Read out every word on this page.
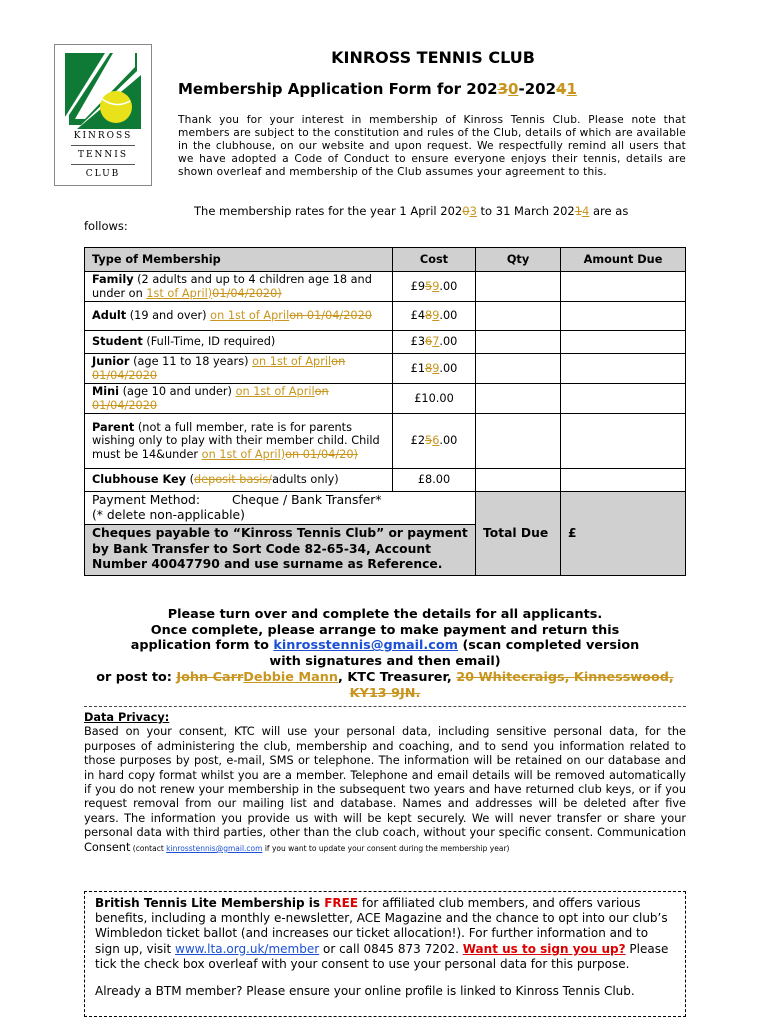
KINROSS
TENNIS
CLUB
KINROSS TENNIS CLUB
Membership Application Form for 20230-20241
Thank you for your interest in membership of Kinross Tennis Club. Please note that members are subject to the constitution and rules of the Club, details of which are available in the clubhouse, on our website and upon request. We respectfully remind all users that we have adopted a Code of Conduct to ensure everyone enjoys their tennis, details are shown overleaf and membership of the Club assumes your agreement to this.
The membership rates for the year 1 April 20203 to 31 March 20214 are as
follows:
Type of Membership	Cost	Qty	Amount Due
Family (2 adults and up to 4 children age 18 and under on 1st of April)01/04/2020)	£959.00		
Adult (19 and over) on 1st of Aprilon 01/04/2020	£489.00		
Student (Full-Time, ID required)	£367.00		
Junior (age 11 to 18 years) on 1st of Aprilon 01/04/2020	£189.00		
Mini (age 10 and under) on 1st of Aprilon 01/04/2020	£10.00		
Parent (not a full member, rate is for parents wishing only to play with their member child. Child must be 14&under on 1st of April)on 01/04/20)	£256.00		
Clubhouse Key (deposit basis/adults only)	£8.00		

Payment Method: Cheque / Bank Transfer*
(* delete non-applicable)
Cheques payable to “Kinross Tennis Club” or payment by Bank Transfer to Sort Code 82-65-34, Account Number 40047790 and use surname as Reference.		Total Due	£
Please turn over and complete the details for all applicants.
Once complete, please arrange to make payment and return this
application form to kinrosstennis@gmail.com (scan completed version
with signatures and then email)
or post to: John CarrDebbie Mann, KTC Treasurer, 20 Whitecraigs, Kinnesswood, KY13 9JN.
Data Privacy:
Based on your consent, KTC will use your personal data, including sensitive personal data, for the purposes of administering the club, membership and coaching, and to send you information related to those purposes by post, e-mail, SMS or telephone. The information will be retained on our database and in hard copy format whilst you are a member. Telephone and email details will be removed automatically if you do not renew your membership in the subsequent two years and have returned club keys, or if you request removal from our mailing list and database. Names and addresses will be deleted after five years. The information you provide us with will be kept securely. We will never transfer or share your personal data with third parties, other than the club coach, without your specific consent. Communication Consent (contact kinrosstennis@gmail.com if you want to update your consent during the membership year)
British Tennis Lite Membership is FREE for affiliated club members, and offers various benefits, including a monthly e-newsletter, ACE Magazine and the chance to opt into our club’s Wimbledon ticket ballot (and increases our ticket allocation!). For further information and to sign up, visit www.lta.org.uk/member or call 0845 873 7202. Want us to sign you up? Please tick the check box overleaf with your consent to use your personal data for this purpose.
Already a BTM member? Please ensure your online profile is linked to Kinross Tennis Club.
